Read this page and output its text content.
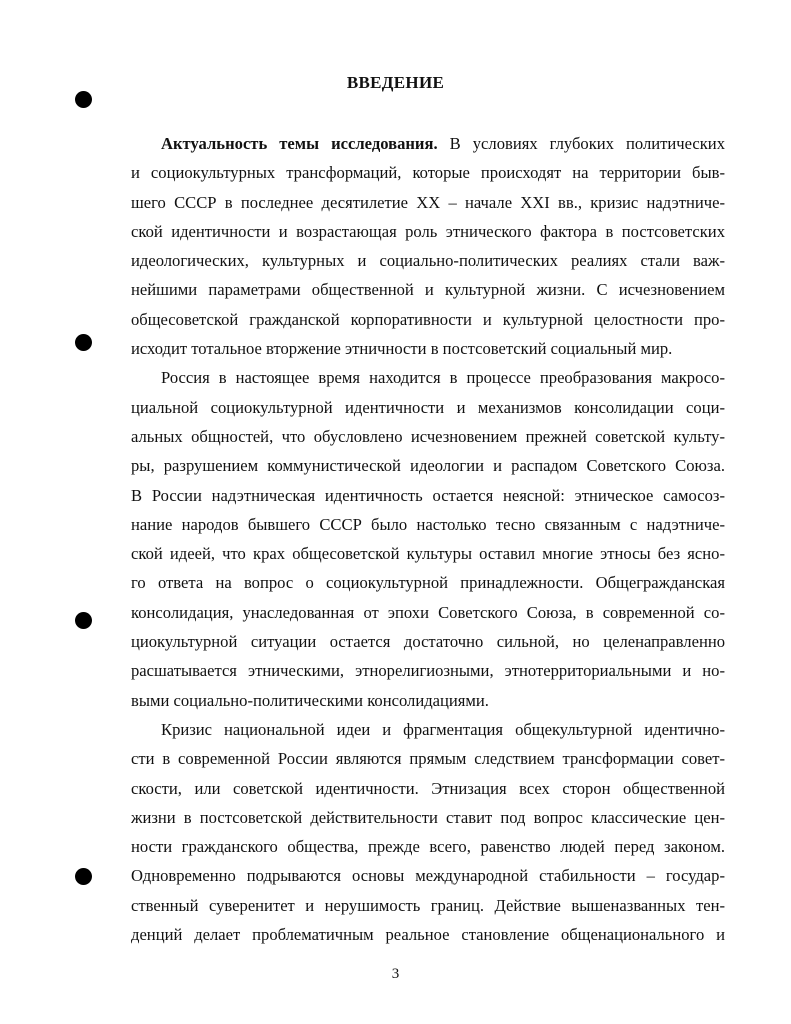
ВВЕДЕНИЕ

Актуальность темы исследования. В условиях глубоких политических

и социокультурных трансформаций, которые происходят на территории быв-

шего СССР в последнее десятилетие XX – начале XXI вв., кризис надэтниче-

ской идентичности и возрастающая роль этнического фактора в постсоветских

идеологических, культурных и социально-политических реалиях стали важ-

нейшими параметрами общественной и культурной жизни. С исчезновением

общесоветской гражданской корпоративности и культурной целостности про-

исходит тотальное вторжение этничности в постсоветский социальный мир.

Россия в настоящее время находится в процессе преобразования макросо-

циальной социокультурной идентичности и механизмов консолидации соци-

альных общностей, что обусловлено исчезновением прежней советской культу-

ры, разрушением коммунистической идеологии и распадом Советского Союза.

В России надэтническая идентичность остается неясной: этническое самосоз-

нание народов бывшего СССР было настолько тесно связанным с надэтниче-

ской идеей, что крах общесоветской культуры оставил многие этносы без ясно-

го ответа на вопрос о социокультурной принадлежности. Общегражданская

консолидация, унаследованная от эпохи Советского Союза, в современной со-

циокультурной ситуации остается достаточно сильной, но целенаправленно

расшатывается этническими, этнорелигиозными, этнотерриториальными и но-

выми социально-политическими консолидациями.

Кризис национальной идеи и фрагментация общекультурной идентично-

сти в современной России являются прямым следствием трансформации совет-

скости, или советской идентичности. Этнизация всех сторон общественной

жизни в постсоветской действительности ставит под вопрос классические цен-

ности гражданского общества, прежде всего, равенство людей перед законом.

Одновременно подрываются основы международной стабильности – государ-

ственный суверенитет и нерушимость границ. Действие вышеназванных тен-

денций делает проблематичным реальное становление общенационального и

3
